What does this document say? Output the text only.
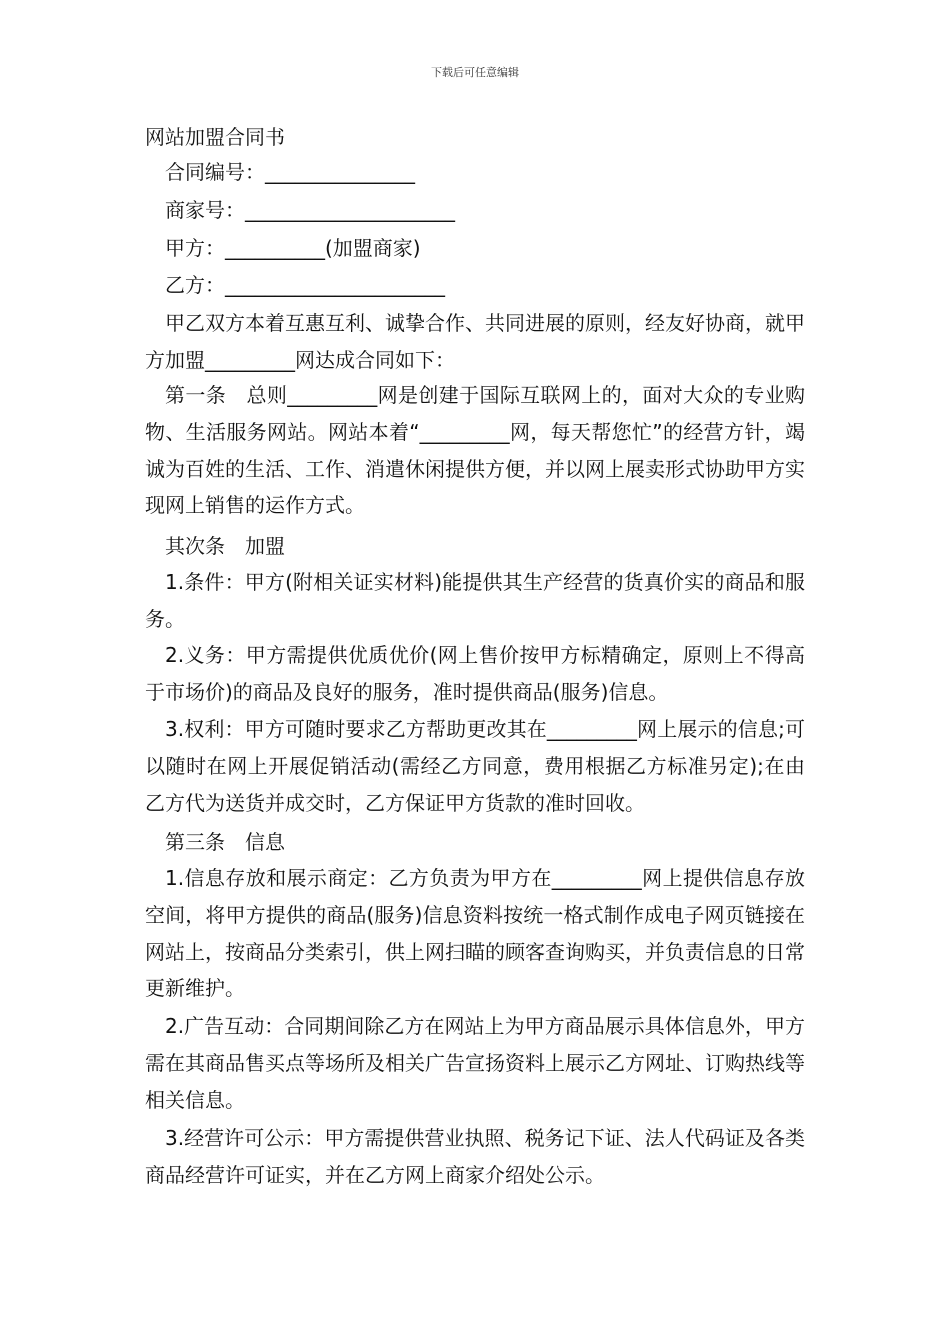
下载后可任意编辑
网站加盟合同书
合同编号：_______________
商家号：_____________________
甲方：__________(加盟商家)
乙方：______________________
甲乙双方本着互惠互利、诚挚合作、共同进展的原则，经友好协商，就甲方加盟_________网达成合同如下：
第一条　总则_________网是创建于国际互联网上的，面对大众的专业购物、生活服务网站。网站本着“_________网，每天帮您忙”的经营方针，竭诚为百姓的生活、工作、消遣休闲提供方便，并以网上展卖形式协助甲方实现网上销售的运作方式。
其次条　加盟
1.条件：甲方(附相关证实材料)能提供其生产经营的货真价实的商品和服务。
2.义务：甲方需提供优质优价(网上售价按甲方标精确定，原则上不得高于市场价)的商品及良好的服务，准时提供商品(服务)信息。
3.权利：甲方可随时要求乙方帮助更改其在_________网上展示的信息;可以随时在网上开展促销活动(需经乙方同意，费用根据乙方标准另定);在由乙方代为送货并成交时，乙方保证甲方货款的准时回收。
第三条　信息
1.信息存放和展示商定：乙方负责为甲方在_________网上提供信息存放空间，将甲方提供的商品(服务)信息资料按统一格式制作成电子网页链接在网站上，按商品分类索引，供上网扫瞄的顾客查询购买，并负责信息的日常更新维护。
2.广告互动：合同期间除乙方在网站上为甲方商品展示具体信息外，甲方需在其商品售买点等场所及相关广告宣扬资料上展示乙方网址、订购热线等相关信息。
3.经营许可公示：甲方需提供营业执照、税务记下证、法人代码证及各类商品经营许可证实，并在乙方网上商家介绍处公示。
